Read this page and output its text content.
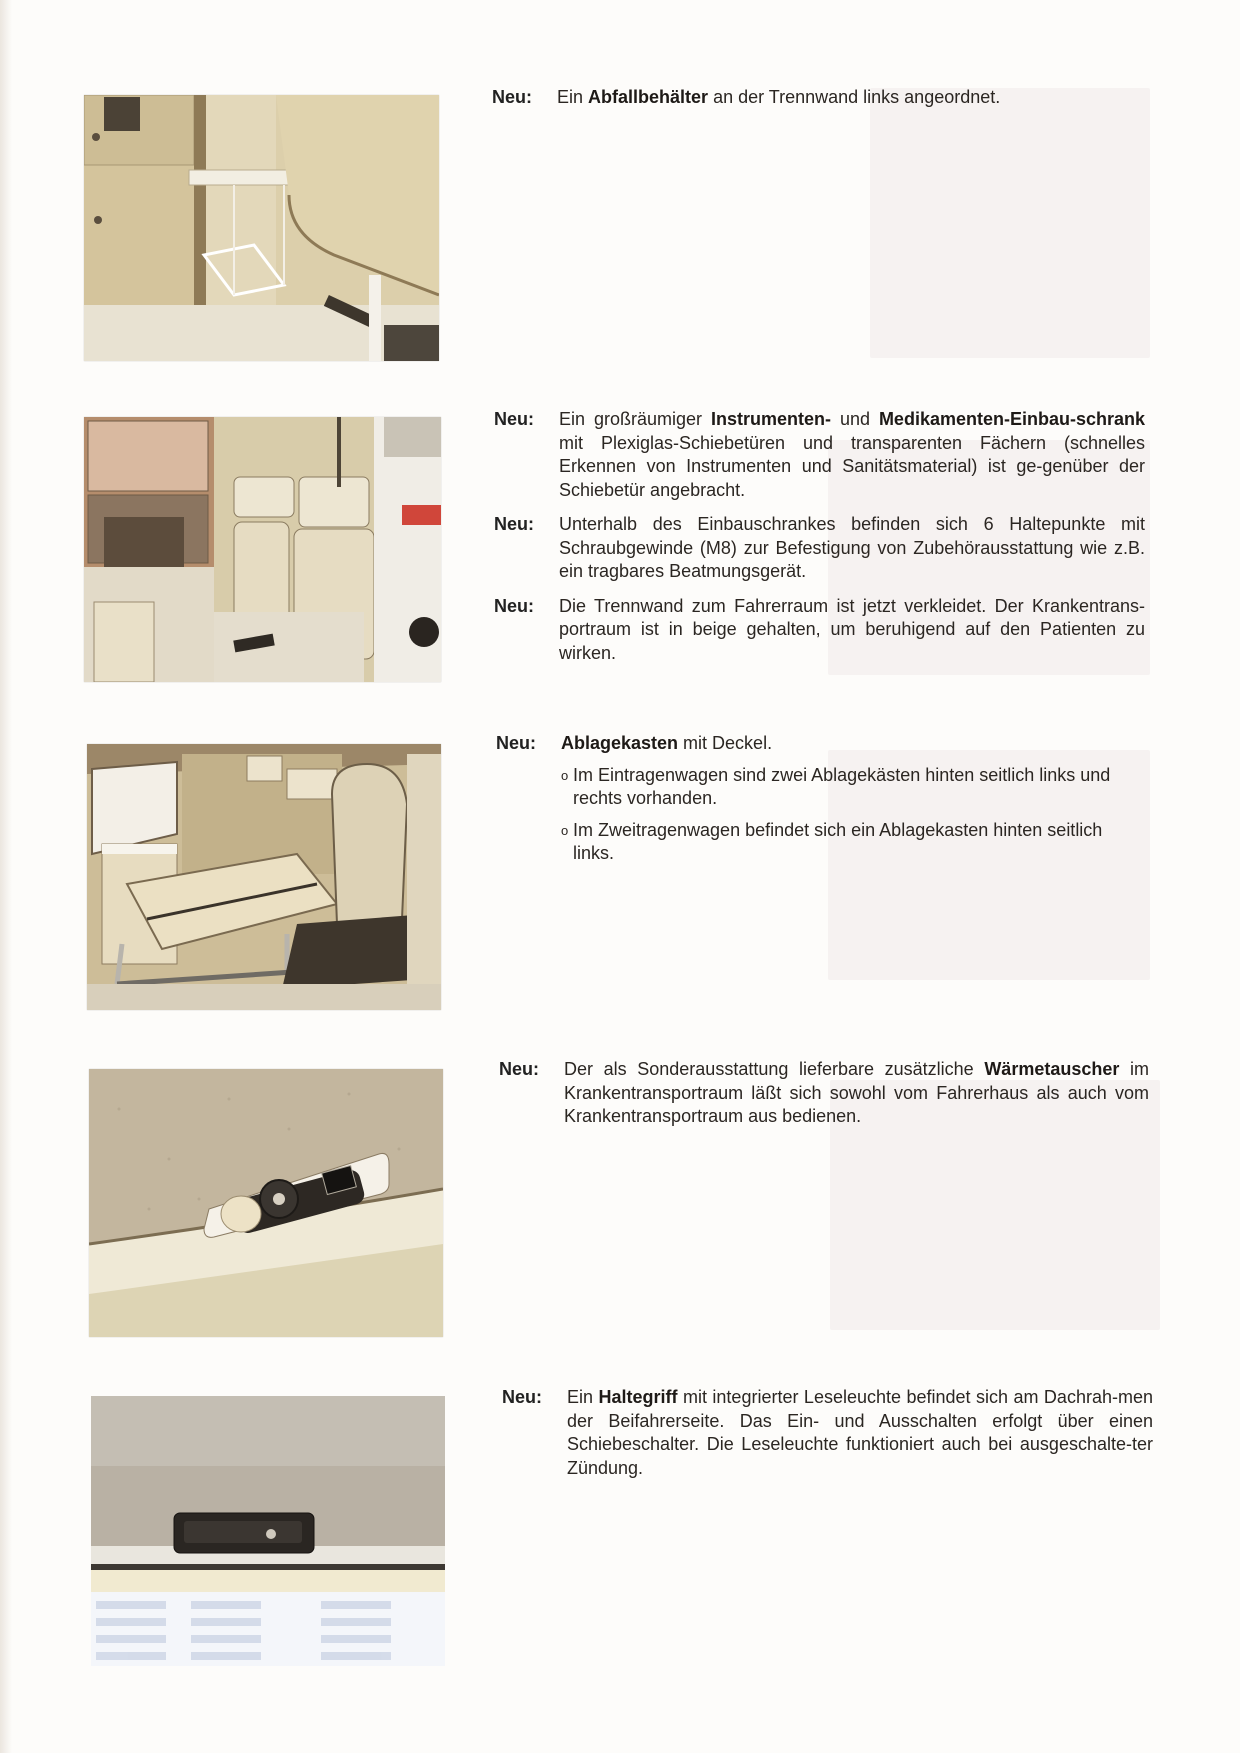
Neu:	Ein Abfallbehälter an der Trennwand links angeordnet.
Neu:	Ein großräumiger Instrumenten- und Medikamenten-Einbau-schrank mit Plexiglas-Schiebetüren und transparenten Fächern (schnelles Erkennen von Instrumenten und Sanitätsmaterial) ist ge-genüber der Schiebetür angebracht.
Neu:	Unterhalb des Einbauschrankes befinden sich 6 Haltepunkte mit Schraubgewinde (M8) zur Befestigung von Zubehörausstattung wie z.B. ein tragbares Beatmungsgerät.
Neu:	Die Trennwand zum Fahrerraum ist jetzt verkleidet. Der Krankentrans-portraum ist in beige gehalten, um beruhigend auf den Patienten zu wirken.
Neu:	Ablagekasten mit Deckel.
o Im Eintragenwagen sind zwei Ablagekästen hinten seitlich links und rechts vorhanden.
o Im Zweitragenwagen befindet sich ein Ablagekasten hinten seitlich links.
Neu:	Der als Sonderausstattung lieferbare zusätzliche Wärmetauscher im Krankentransportraum läßt sich sowohl vom Fahrerhaus als auch vom Krankentransportraum aus bedienen.
Neu:	Ein Haltegriff mit integrierter Leseleuchte befindet sich am Dachrah-men der Beifahrerseite. Das Ein- und Ausschalten erfolgt über einen Schiebeschalter. Die Leseleuchte funktioniert auch bei ausgeschalte-ter Zündung.
